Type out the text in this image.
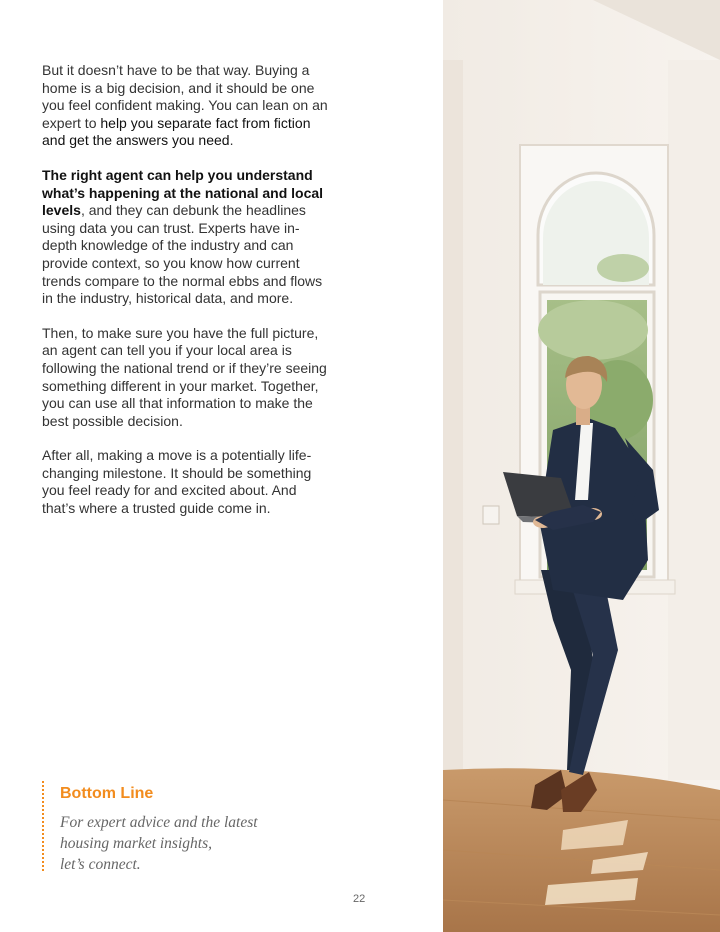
But it doesn’t have to be that way. Buying a home is a big decision, and it should be one you feel confident making. You can lean on an expert to help you separate fact from fiction and get the answers you need.

The right agent can help you understand what’s happening at the national and local levels, and they can debunk the headlines using data you can trust. Experts have in-depth knowledge of the industry and can provide context, so you know how current trends compare to the normal ebbs and flows in the industry, historical data, and more.

Then, to make sure you have the full picture, an agent can tell you if your local area is following the national trend or if they’re seeing something different in your market. Together, you can use all that information to make the best possible decision.

After all, making a move is a potentially life-changing milestone. It should be something you feel ready for and excited about. And that’s where a trusted guide come in.

Bottom Line

For expert advice and the latest
housing market insights,
let’s connect.

22
